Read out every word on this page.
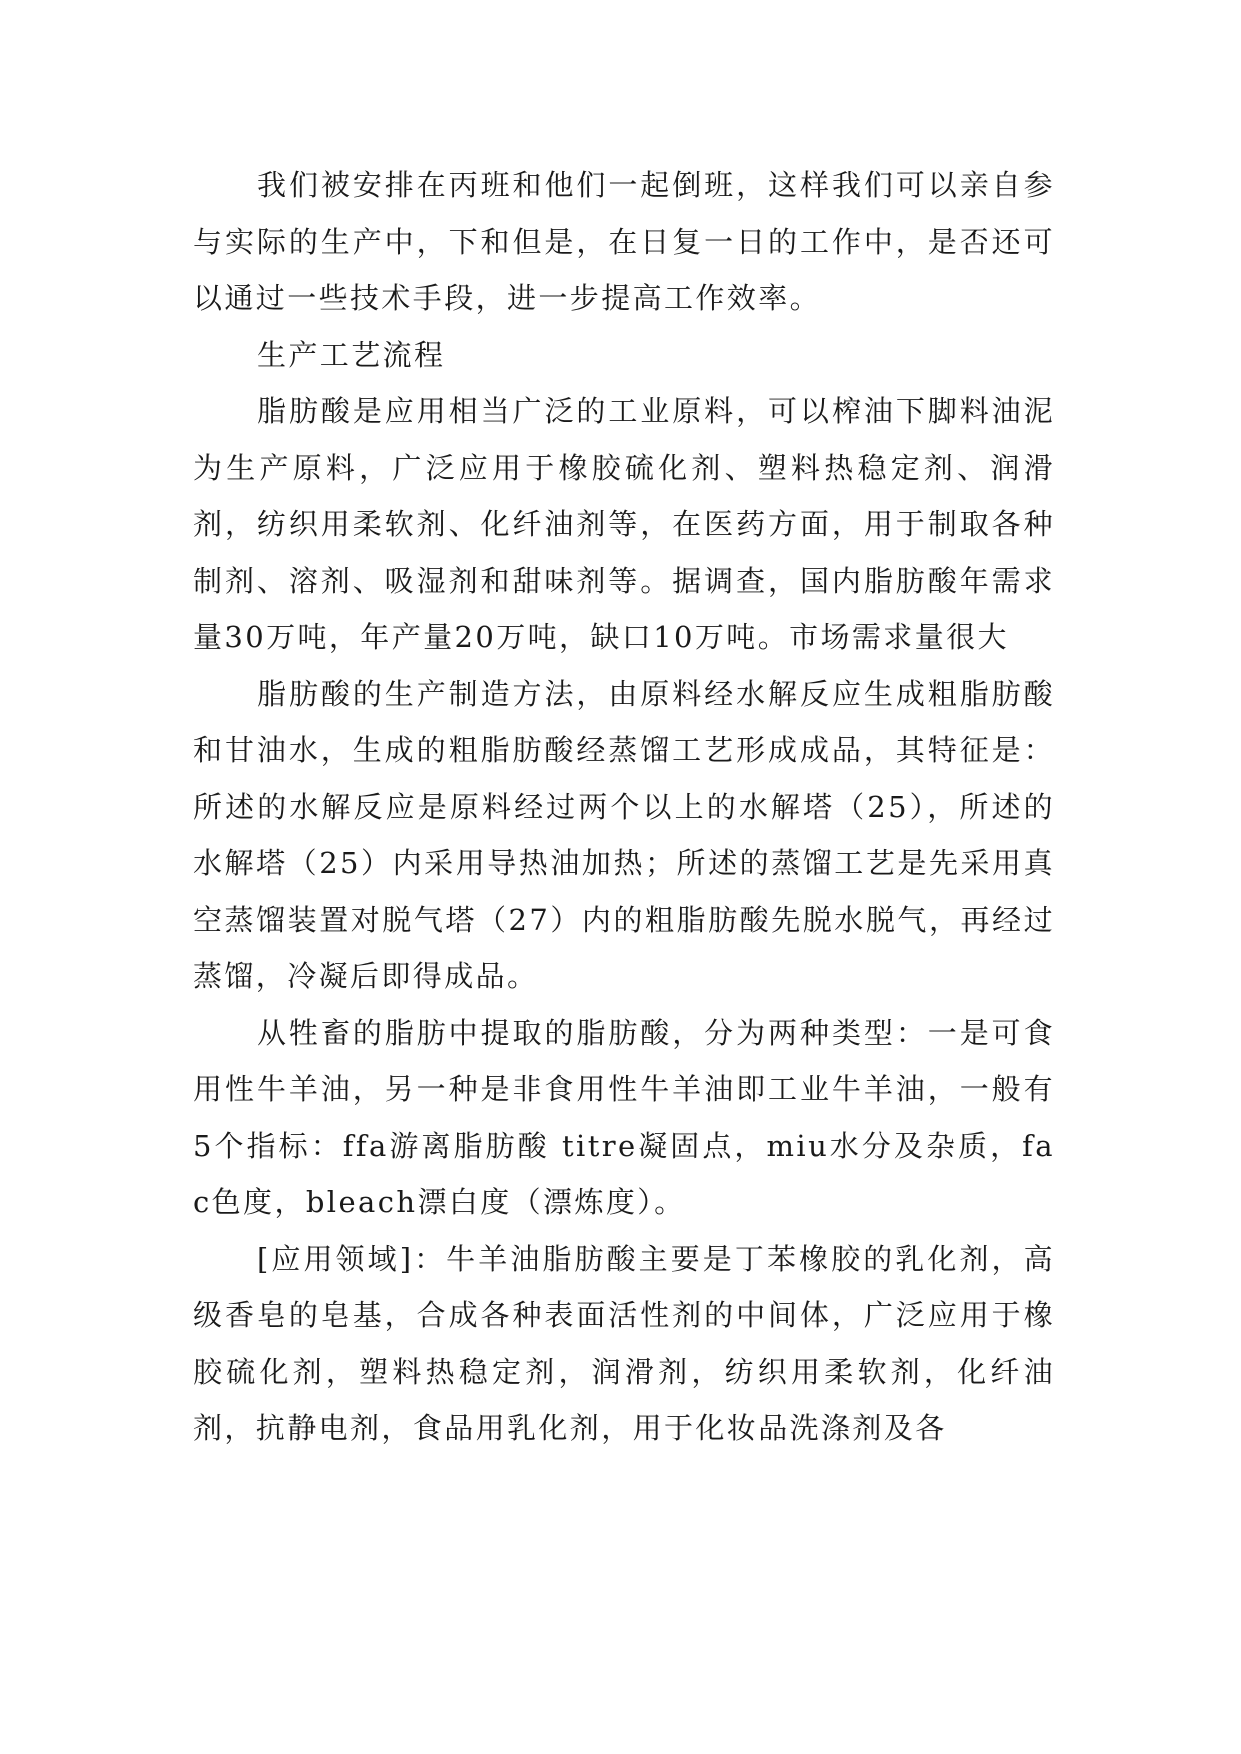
我们被安排在丙班和他们一起倒班，这样我们可以亲自参与实际的生产中，下和但是，在日复一日的工作中，是否还可以通过一些技术手段，进一步提高工作效率。

生产工艺流程

脂肪酸是应用相当广泛的工业原料，可以榨油下脚料油泥为生产原料，广泛应用于橡胶硫化剂、塑料热稳定剂、润滑剂，纺织用柔软剂、化纤油剂等，在医药方面，用于制取各种制剂、溶剂、吸湿剂和甜味剂等。据调查，国内脂肪酸年需求量30万吨，年产量20万吨，缺口10万吨。市场需求量很大

脂肪酸的生产制造方法，由原料经水解反应生成粗脂肪酸和甘油水，生成的粗脂肪酸经蒸馏工艺形成成品，其特征是：所述的水解反应是原料经过两个以上的水解塔（25），所述的水解塔（25）内采用导热油加热；所述的蒸馏工艺是先采用真空蒸馏装置对脱气塔（27）内的粗脂肪酸先脱水脱气，再经过蒸馏，冷凝后即得成品。

从牲畜的脂肪中提取的脂肪酸，分为两种类型：一是可食用性牛羊油，另一种是非食用性牛羊油即工业牛羊油，一般有5个指标：ffa游离脂肪酸 titre凝固点，miu水分及杂质，fac色度，bleach漂白度（漂炼度）。

[应用领域]：牛羊油脂肪酸主要是丁苯橡胶的乳化剂，高级香皂的皂基，合成各种表面活性剂的中间体，广泛应用于橡胶硫化剂，塑料热稳定剂，润滑剂，纺织用柔软剂，化纤油剂，抗静电剂，食品用乳化剂，用于化妆品洗涤剂及各
